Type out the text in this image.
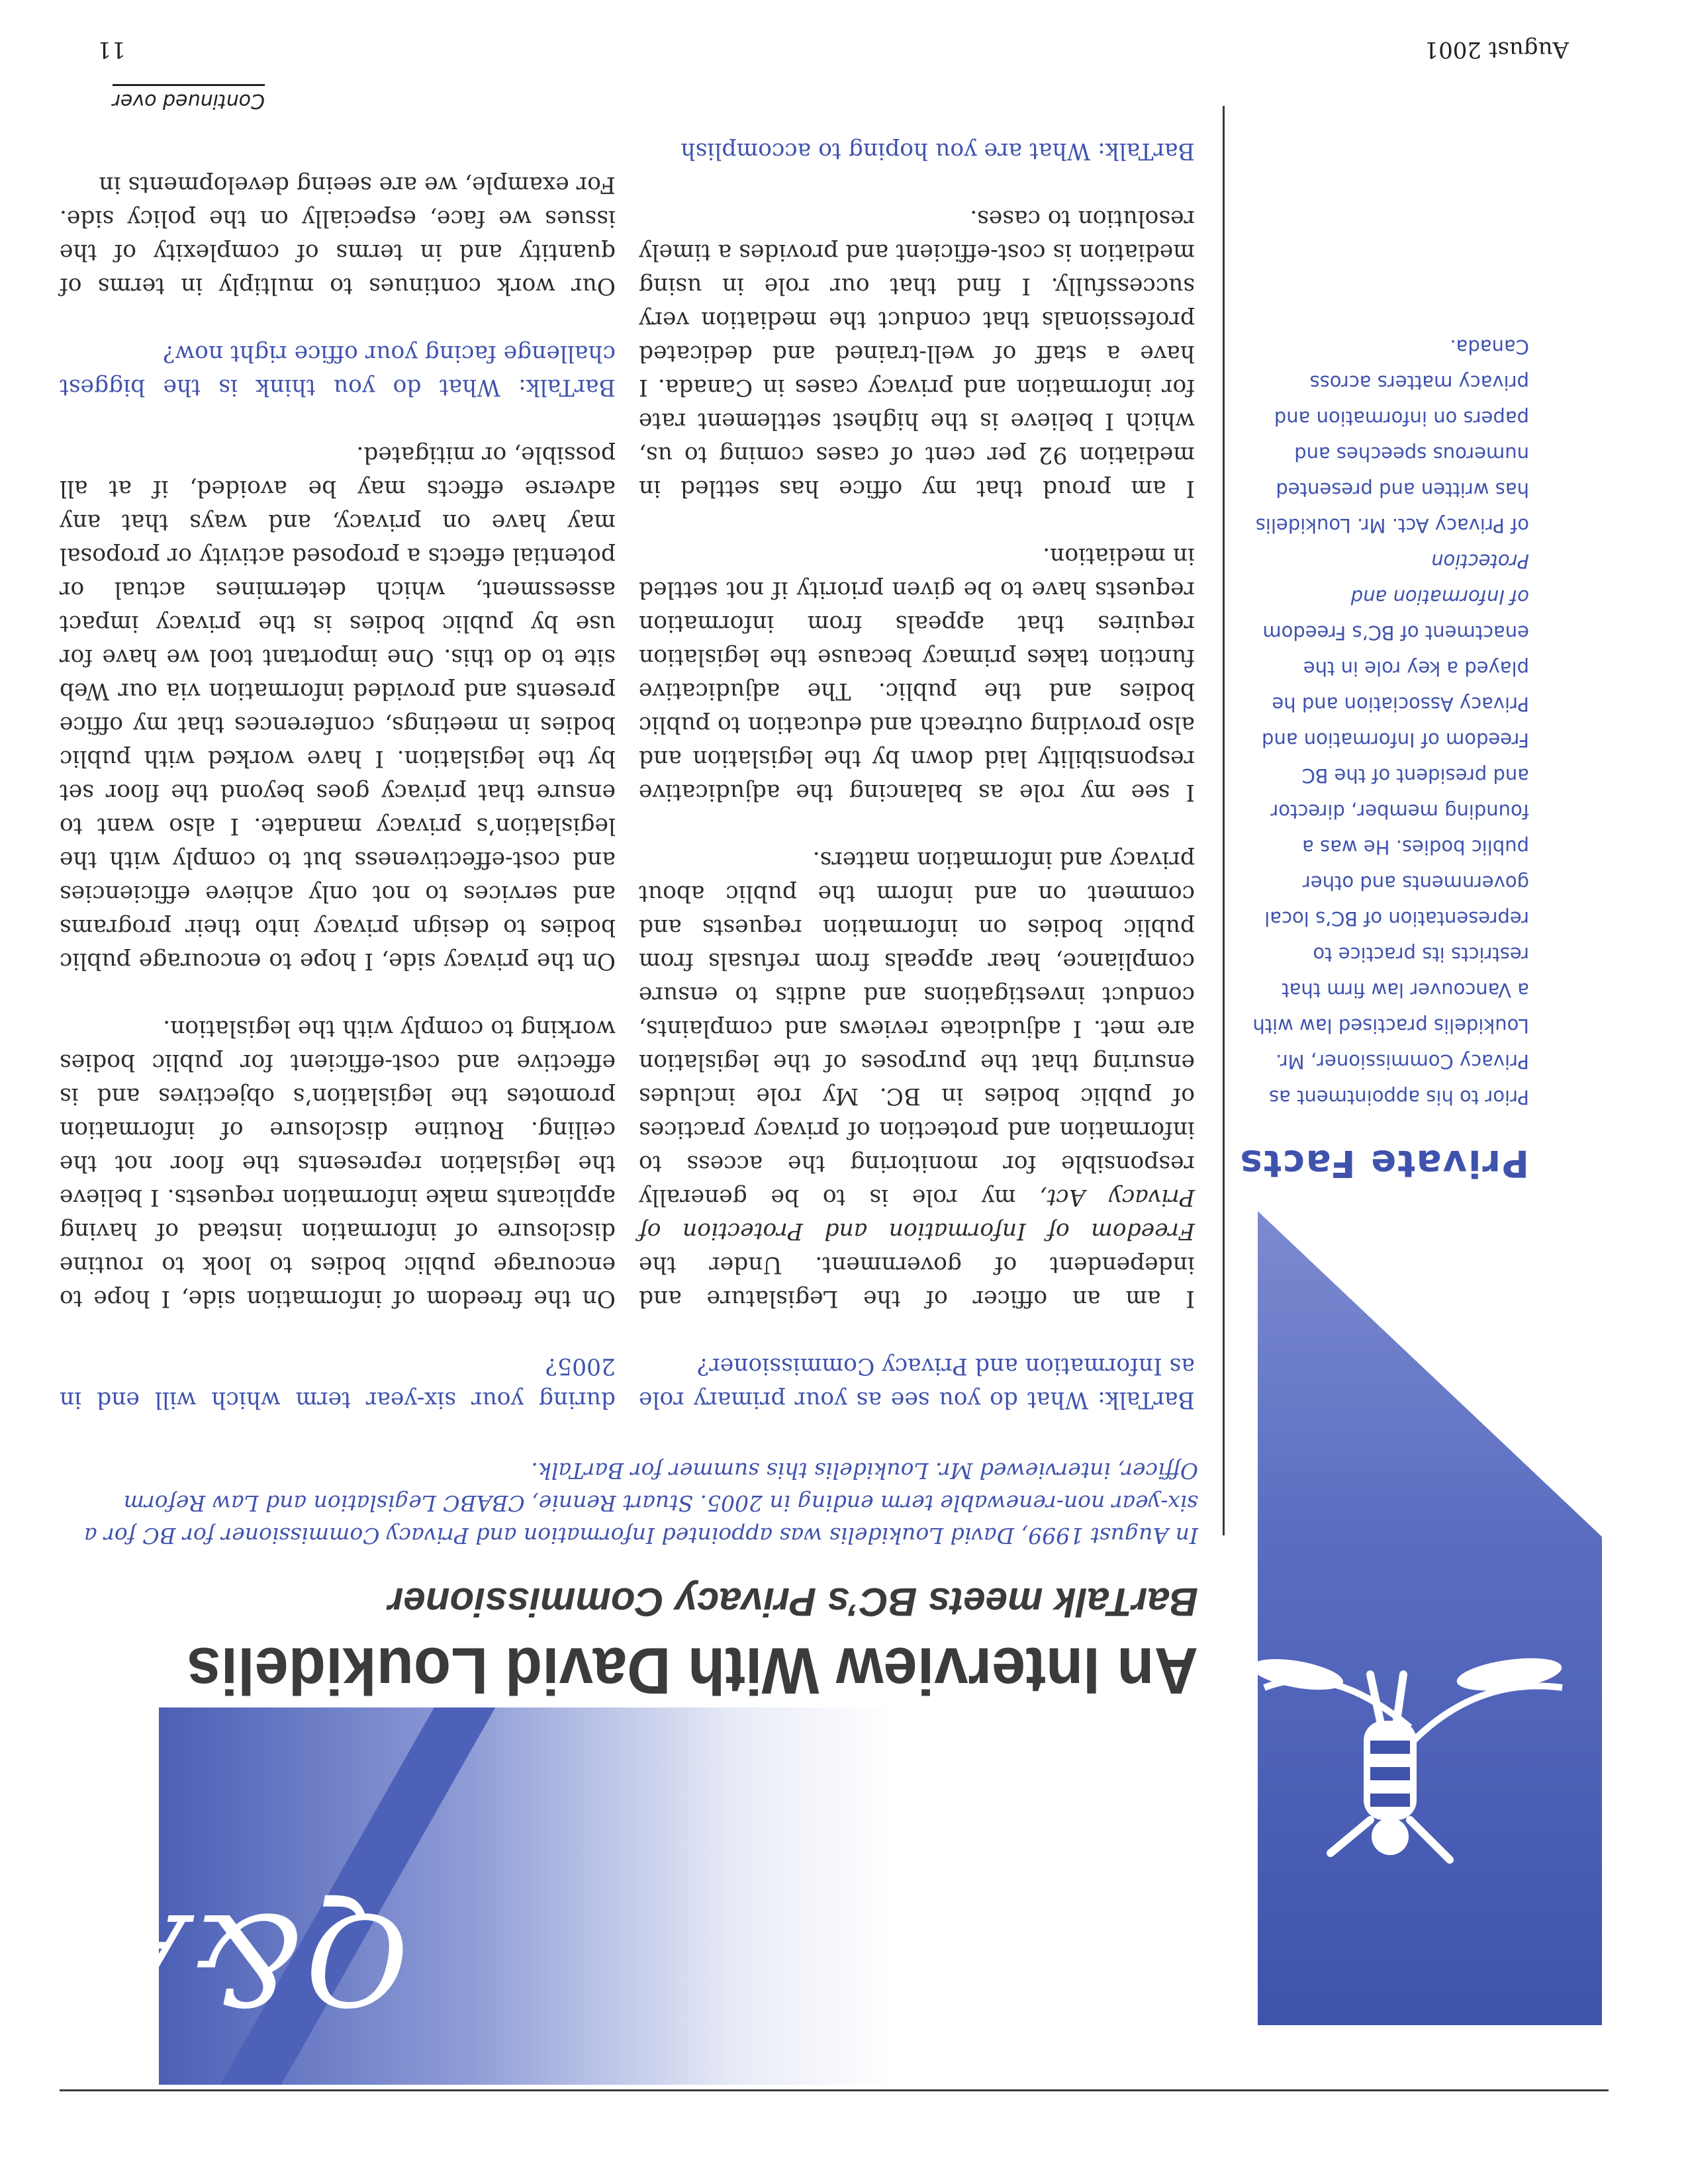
Q&A
An Interview With David Loukidelis
BarTalk meets BC’s Privacy Commissioner
In August 1999, David Loukidelis was appointed Information and Privacy Commissioner for BC for a six-year non-renewable term ending in 2005. Stuart Rennie, CBABC Legislation and Law Reform Officer, interviewed Mr. Loukidelis this summer for BarTalk.
Private Facts
Prior to his appointment as
Privacy Commissioner, Mr.
Loukidelis practised law with
a Vancouver law firm that
restricts its practice to
representation of BC’s local
governments and other
public bodies. He was a
founding member, director
and president of the BC
Freedom of Information and
Privacy Association and he
played a key role in the
enactment of BC’s Freedom
of Information and Protection
of Privacy Act. Mr. Loukidelis
has written and presented
numerous speeches and
papers on information and
privacy matters across
Canada.

BarTalk: What do you see as your primary role as Information and Privacy Commissioner?

I am an officer of the Legislature and independent of government. Under the Freedom of Information and Protection of Privacy Act, my role is to be generally responsible for monitoring the access to information and protection of privacy practices of public bodies in BC. My role includes ensuring that the purposes of the legislation are met. I adjudicate reviews and complaints, conduct investigations and audits to ensure compliance, hear appeals from refusals from public bodies on information requests and comment on and inform the public about privacy and information matters.

I see my role as balancing the adjudicative responsibility laid down by the legislation and also providing outreach and education to public bodies and the public. The adjudicative function takes primacy because the legislation requires that appeals from information requests have to be given priority if not settled in mediation.

I am proud that my office has settled in mediation 92 per cent of cases coming to us, which I believe is the highest settlement rate for information and privacy cases in Canada. I have a staff of well-trained and dedicated professionals that conduct the mediation very successfully. I find that our role in using mediation is cost-efficient and provides a timely resolution to cases.

BarTalk: What are you hoping to accomplish

during your six-year term which will end in 2005?

On the freedom of information side, I hope to encourage public bodies to look to routine disclosure of information instead of having applicants make information requests. I believe the legislation represents the floor not the ceiling. Routine disclosure of information promotes the legislation’s objectives and is effective and cost-efficient for public bodies working to comply with the legislation.

On the privacy side, I hope to encourage public bodies to design privacy into their programs and services to not only achieve efficiencies and cost-effectiveness but to comply with the legislation’s privacy mandate. I also want to ensure that privacy goes beyond the floor set by the legislation. I have worked with public bodies in meetings, conferences that my office presents and provided information via our Web site to do this. One important tool we have for use by public bodies is the privacy impact assessment, which determines actual or potential effects a proposed activity or proposal may have on privacy, and ways that any adverse effects may be avoided, if at all possible, or mitigated.

BarTalk: What do you think is the biggest challenge facing your office right now?

Our work continues to multiply in terms of quantity and in terms of complexity of the issues we face, especially on the policy side. For example, we are seeing developments in

Continued over
August 2001
11
